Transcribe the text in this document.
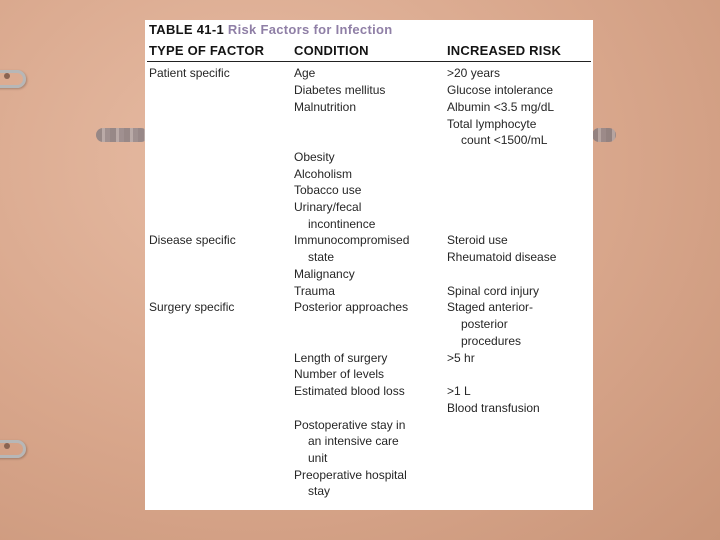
TABLE 41-1 Risk Factors for Infection
TYPE OF FACTOR CONDITION	INCREASED RISK

Patient specific

Disease specific

Surgery specific

Age

Diabetes mellitus

Malnutrition

Obesity

Alcoholism

Tobacco use

Urinary/fecal

incontinence

Immunocompromised

state

Malignancy

Trauma

Posterior approaches

Length of surgery

Number of levels

Estimated blood loss

Postoperative stay in

an intensive care

unit

Preoperative hospital

stay

>20 years

Glucose intolerance

Albumin <3.5 mg/dL

Total lymphocyte

count <1500/mL

Steroid use

Rheumatoid disease

Spinal cord injury

Staged anterior-

posterior

procedures

>5 hr

>1 L

Blood transfusion
